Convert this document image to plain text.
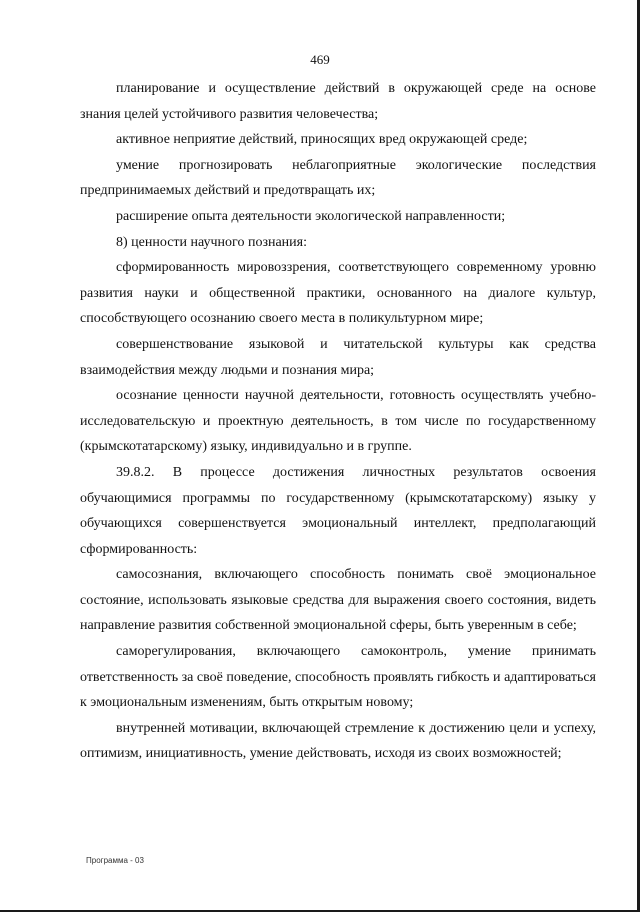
469

планирование и осуществление действий в окружающей среде на основе знания целей устойчивого развития человечества;

активное неприятие действий, приносящих вред окружающей среде;

умение прогнозировать неблагоприятные экологические последствия предпринимаемых действий и предотвращать их;

расширение опыта деятельности экологической направленности;

8) ценности научного познания:

сформированность мировоззрения, соответствующего современному уровню развития науки и общественной практики, основанного на диалоге культур, способствующего осознанию своего места в поликультурном мире;

совершенствование языковой и читательской культуры как средства взаимодействия между людьми и познания мира;

осознание ценности научной деятельности, готовность осуществлять учебно-исследовательскую и проектную деятельность, в том числе по государственному (крымскотатарскому) языку, индивидуально и в группе.

39.8.2. В процессе достижения личностных результатов освоения обучающимися программы по государственному (крымскотатарскому) языку у обучающихся совершенствуется эмоциональный интеллект, предполагающий сформированность:

самосознания, включающего способность понимать своё эмоциональное состояние, использовать языковые средства для выражения своего состояния, видеть направление развития собственной эмоциональной сферы, быть уверенным в себе;

саморегулирования, включающего самоконтроль, умение принимать ответственность за своё поведение, способность проявлять гибкость и адаптироваться к эмоциональным изменениям, быть открытым новому;

внутренней мотивации, включающей стремление к достижению цели и успеху, оптимизм, инициативность, умение действовать, исходя из своих возможностей;

Программа - 03
